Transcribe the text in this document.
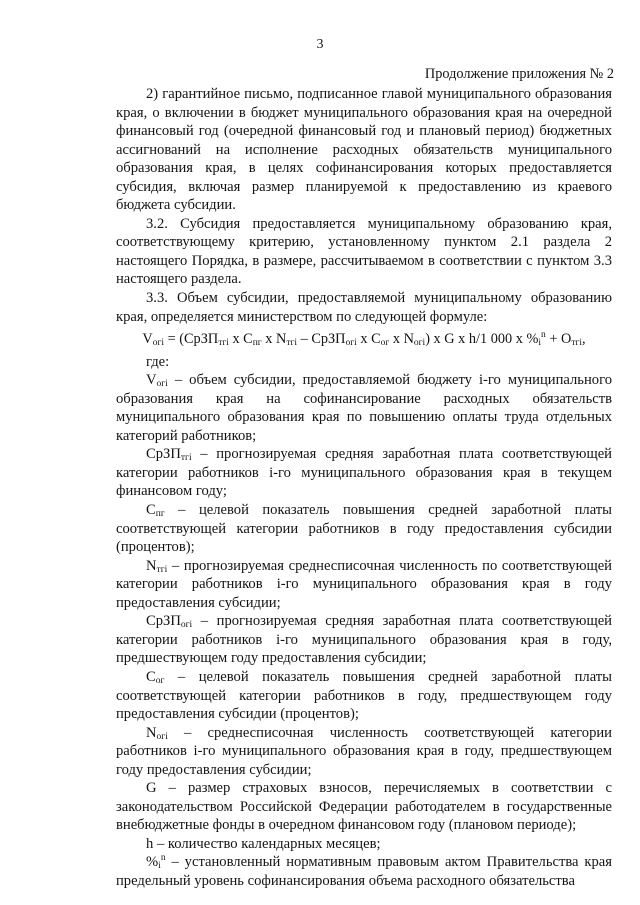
3
Продолжение приложения № 2

2) гарантийное письмо, подписанное главой муниципального образования края, о включении в бюджет муниципального образования края на очередной финансовый год (очередной финансовый год и плановый период) бюджетных ассигнований на исполнение расходных обязательств муниципального образования края, в целях софинансирования которых предоставляется субсидия, включая размер планируемой к предоставлению из краевого бюджета субсидии.

3.2. Субсидия предоставляется муниципальному образованию края, соответствующему критерию, установленному пунктом 2.1 раздела 2 настоящего Порядка, в размере, рассчитываемом в соответствии с пунктом 3.3 настоящего раздела.

3.3. Объем субсидии, предоставляемой муниципальному образованию края, определяется министерством по следующей формуле:

$V_{огі}$ = (СрЗП$_{тгі}$ х $С_{пг}$ х $N_{тгі}$ – СрЗП$_{огі}$ х $С_{ог}$ х $N_{огі}$) х G х h/1 000 х $\%_i^n + О_{тгі}$,

где:

$V_{огі}$ – объем субсидии, предоставляемой бюджету i-го муниципального образования края на софинансирование расходных обязательств муниципального образования края по повышению оплаты труда отдельных категорий работников;

СрЗП$_{тгі}$ – прогнозируемая средняя заработная плата соответствующей категории работников i-го муниципального образования края в текущем финансовом году;

$С_{пг}$ – целевой показатель повышения средней заработной платы соответствующей категории работников в году предоставления субсидии (процентов);

$N_{тгі}$ – прогнозируемая среднесписочная численность по соответствующей категории работников i-го муниципального образования края в году предоставления субсидии;

СрЗП$_{огі}$ – прогнозируемая средняя заработная плата соответствующей категории работников i-го муниципального образования края в году, предшествующем году предоставления субсидии;

$С_{ог}$ – целевой показатель повышения средней заработной платы соответствующей категории работников в году, предшествующем году предоставления субсидии (процентов);

$N_{огі}$ – среднесписочная численность соответствующей категории работников i-го муниципального образования края в году, предшествующем году предоставления субсидии;

G – размер страховых взносов, перечисляемых в соответствии с законодательством Российской Федерации работодателем в государственные внебюджетные фонды в очередном финансовом году (плановом периоде);

h – количество календарных месяцев;

$\%_i^n$ – установленный нормативным правовым актом Правительства края предельный уровень софинансирования объема расходного обязательства
